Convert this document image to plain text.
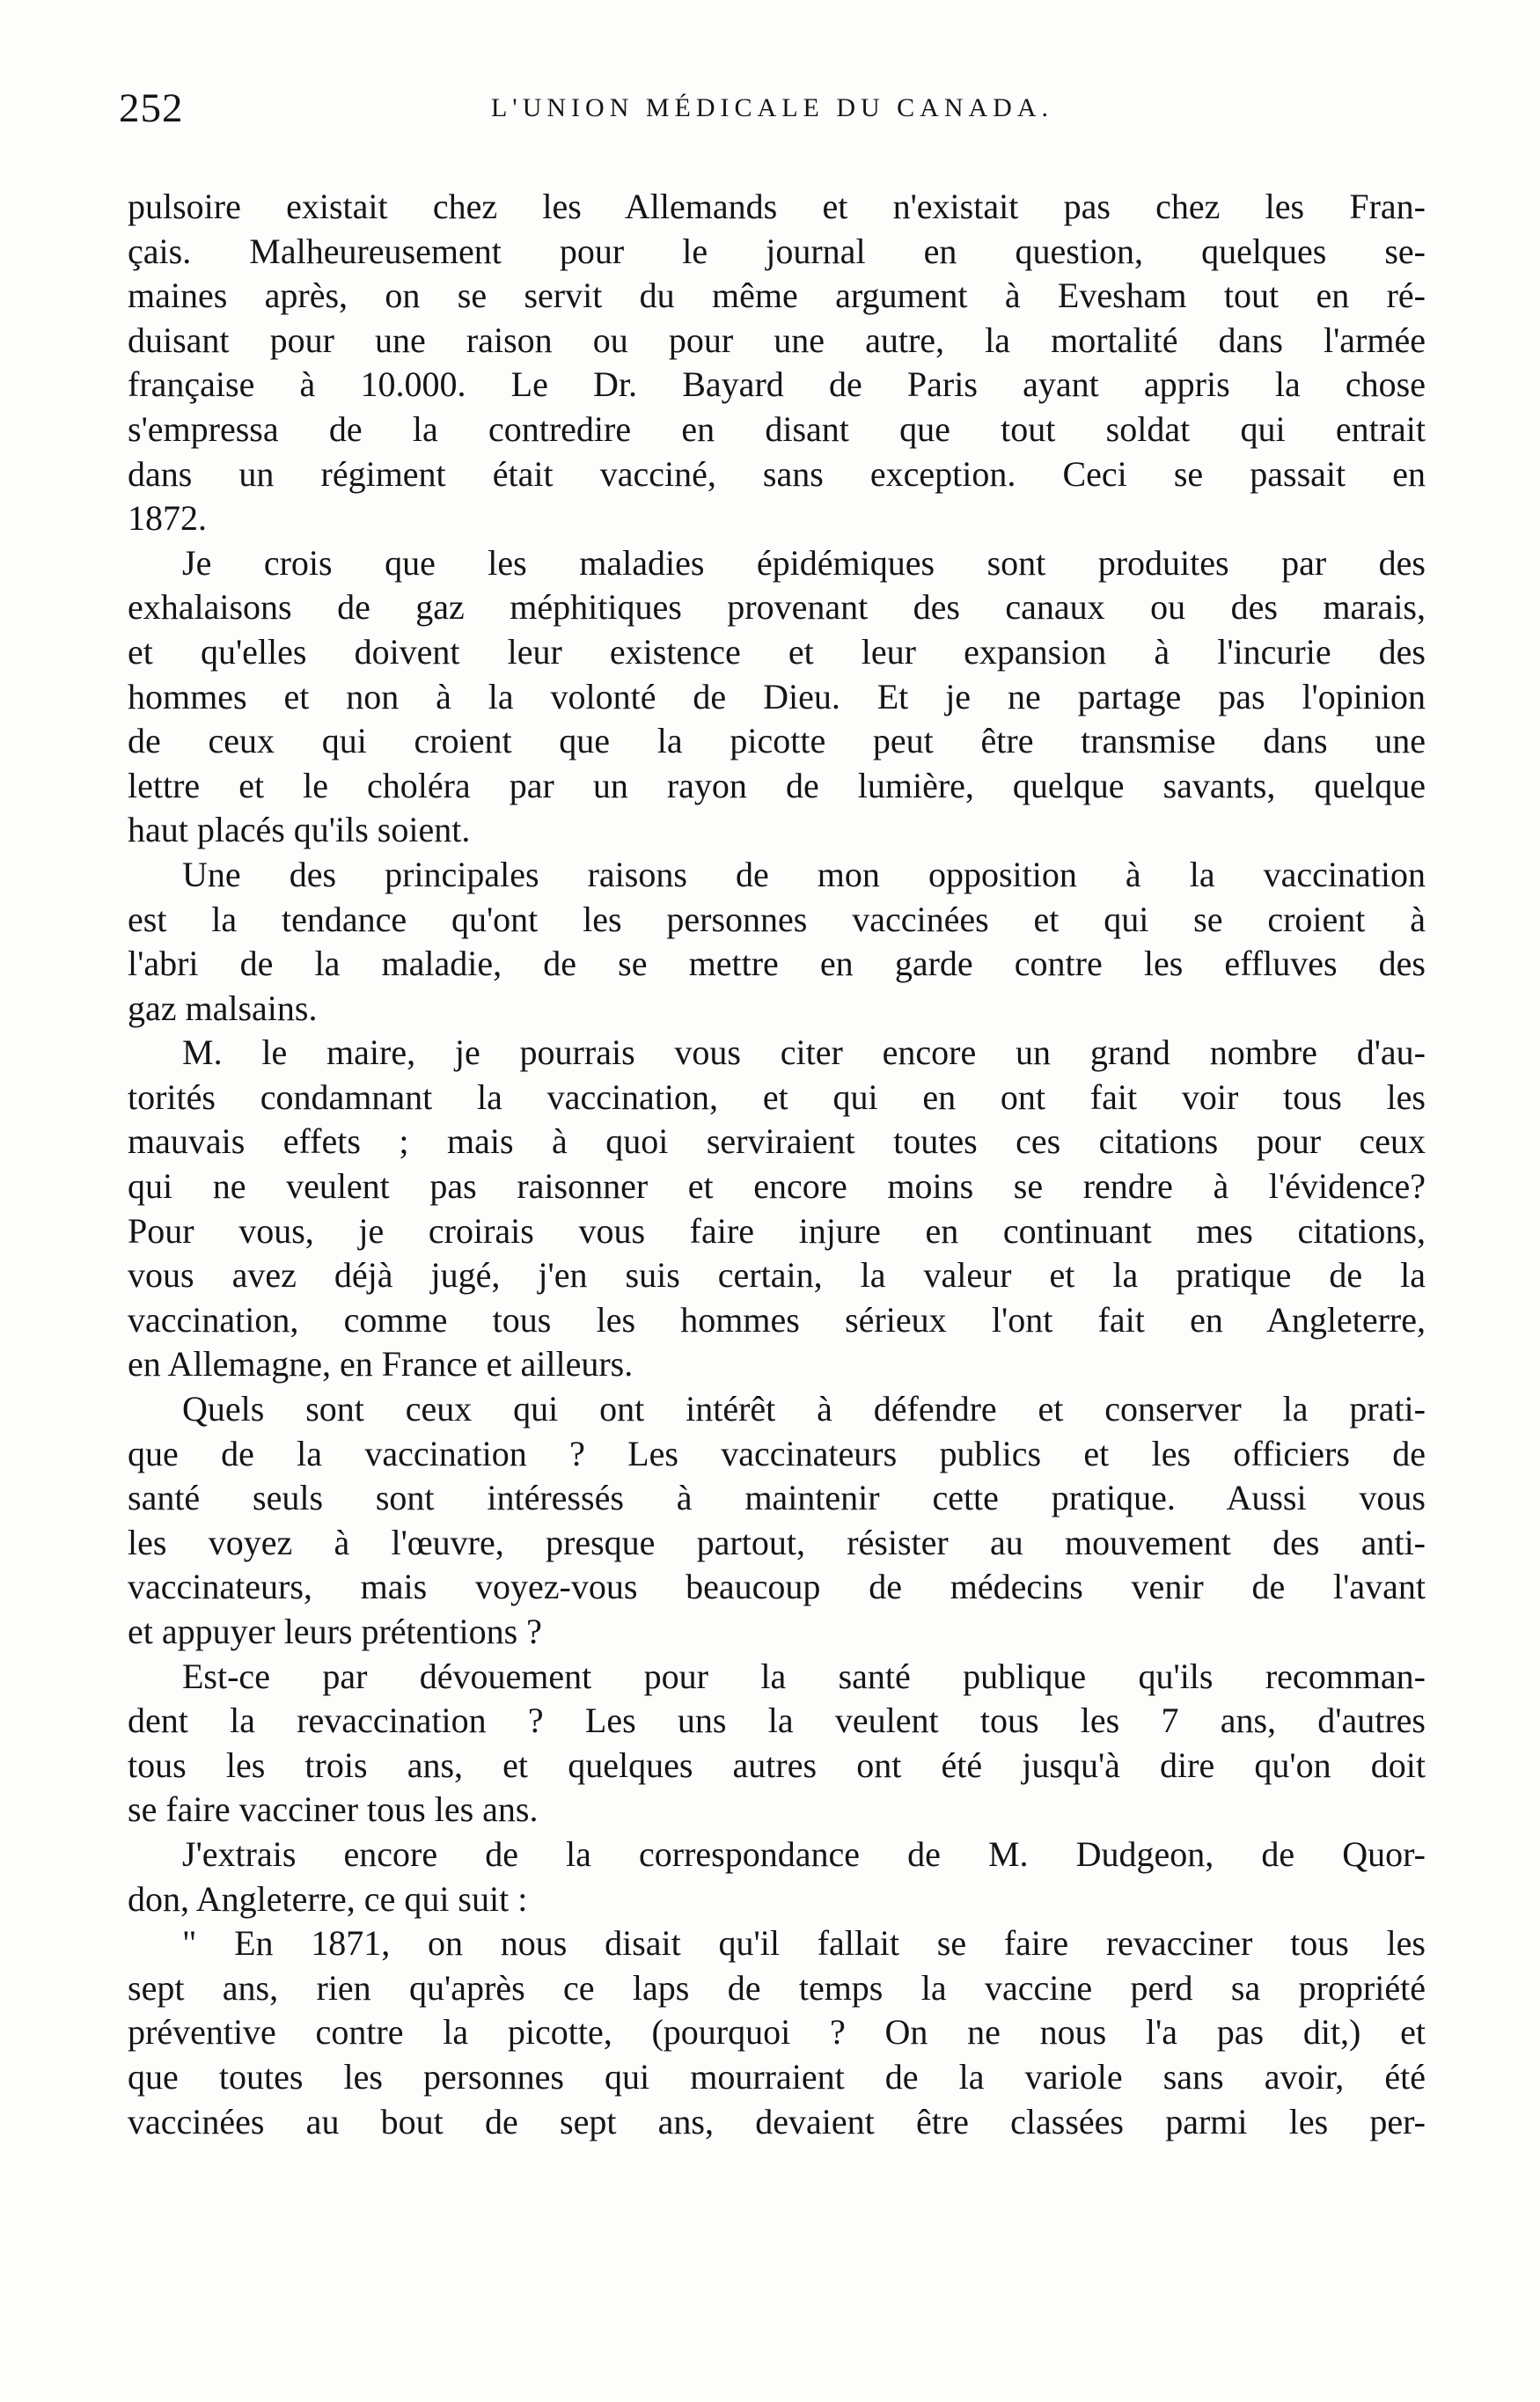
252	L'UNION MÉDICALE DU CANADA.
pulsoire existait chez les Allemands et n'existait pas chez les Fran-
çais. Malheureusement pour le journal en question, quelques se-
maines après, on se servit du même argument à Evesham tout en ré-
duisant pour une raison ou pour une autre, la mortalité dans l'armée
française à 10.000. Le Dr. Bayard de Paris ayant appris la chose
s'empressa de la contredire en disant que tout soldat qui entrait
dans un régiment était vacciné, sans exception. Ceci se passait en
1872.
Je crois que les maladies épidémiques sont produites par des
exhalaisons de gaz méphitiques provenant des canaux ou des marais,
et qu'elles doivent leur existence et leur expansion à l'incurie des
hommes et non à la volonté de Dieu. Et je ne partage pas l'opinion
de ceux qui croient que la picotte peut être transmise dans une
lettre et le choléra par un rayon de lumière, quelque savants, quelque
haut placés qu'ils soient.
Une des principales raisons de mon opposition à la vaccination
est la tendance qu'ont les personnes vaccinées et qui se croient à
l'abri de la maladie, de se mettre en garde contre les effluves des
gaz malsains.
M. le maire, je pourrais vous citer encore un grand nombre d'au-
torités condamnant la vaccination, et qui en ont fait voir tous les
mauvais effets ; mais à quoi serviraient toutes ces citations pour ceux
qui ne veulent pas raisonner et encore moins se rendre à l'évidence?
Pour vous, je croirais vous faire injure en continuant mes citations,
vous avez déjà jugé, j'en suis certain, la valeur et la pratique de la
vaccination, comme tous les hommes sérieux l'ont fait en Angleterre,
en Allemagne, en France et ailleurs.
Quels sont ceux qui ont intérêt à défendre et conserver la prati-
que de la vaccination ? Les vaccinateurs publics et les officiers de
santé seuls sont intéressés à maintenir cette pratique. Aussi vous
les voyez à l'œuvre, presque partout, résister au mouvement des anti-
vaccinateurs, mais voyez-vous beaucoup de médecins venir de l'avant
et appuyer leurs prétentions ?
Est-ce par dévouement pour la santé publique qu'ils recomman-
dent la revaccination ? Les uns la veulent tous les 7 ans, d'autres
tous les trois ans, et quelques autres ont été jusqu'à dire qu'on doit
se faire vacciner tous les ans.
J'extrais encore de la correspondance de M. Dudgeon, de Quor-
don, Angleterre, ce qui suit :
" En 1871, on nous disait qu'il fallait se faire revacciner tous les
sept ans, rien qu'après ce laps de temps la vaccine perd sa propriété
préventive contre la picotte, (pourquoi ? On ne nous l'a pas dit,) et
que toutes les personnes qui mourraient de la variole sans avoir, été
vaccinées au bout de sept ans, devaient être classées parmi les per-
